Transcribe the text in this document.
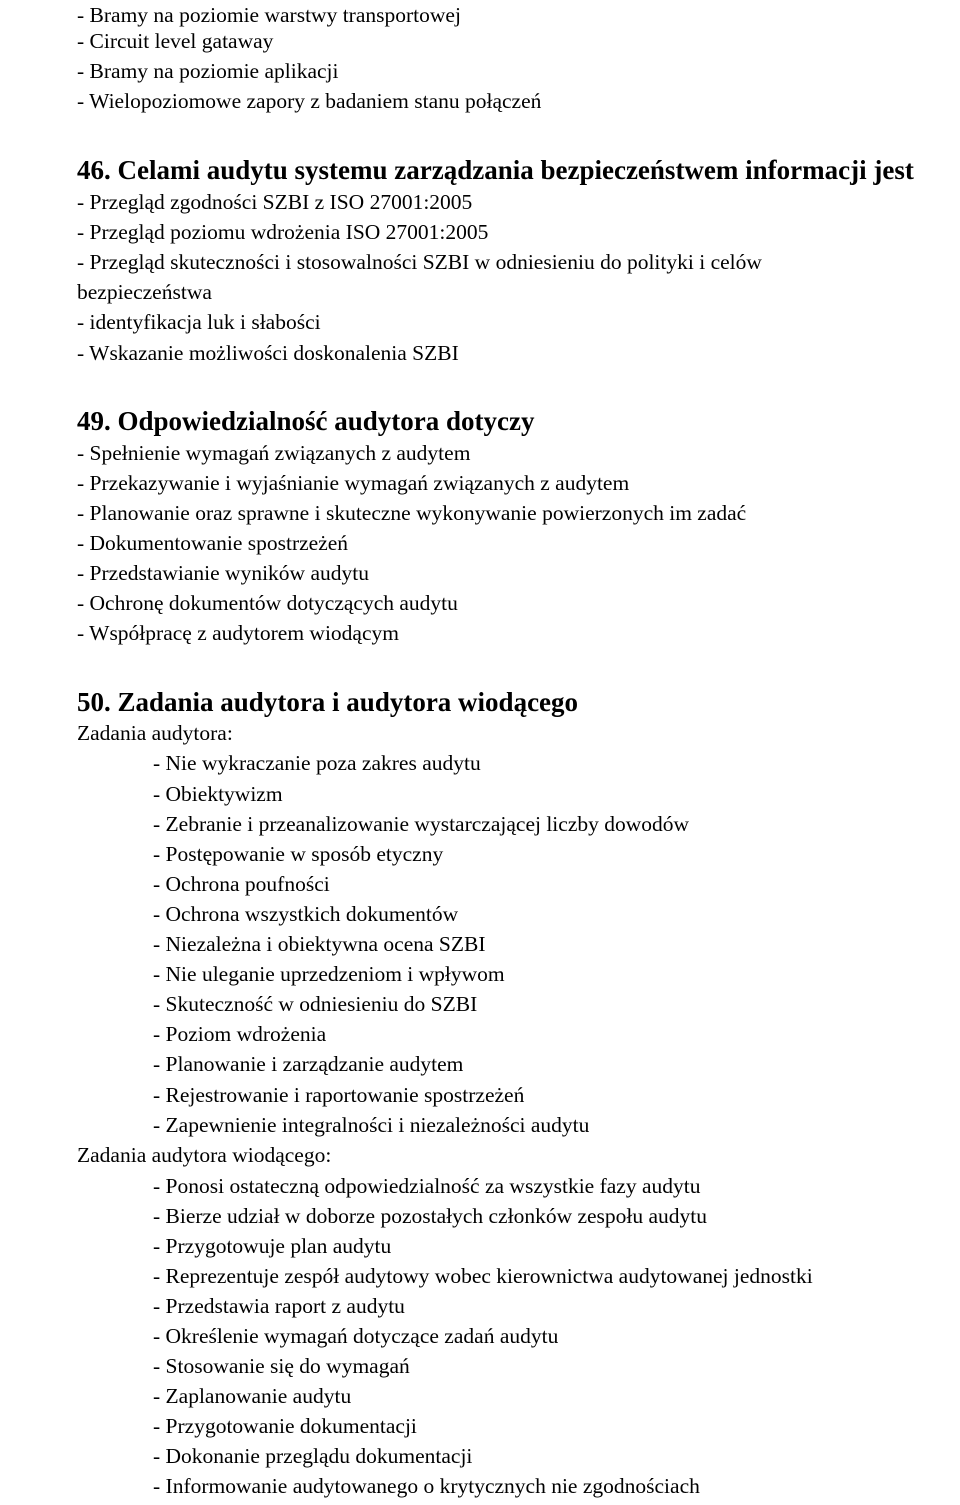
- Bramy na poziomie warstwy transportowej
- Circuit level gataway
- Bramy na poziomie aplikacji
- Wielopoziomowe zapory z badaniem stanu połączeń
46. Celami audytu systemu zarządzania bezpieczeństwem informacji jest
- Przegląd zgodności SZBI z ISO 27001:2005
- Przegląd poziomu wdrożenia ISO 27001:2005
- Przegląd skuteczności i stosowalności SZBI w odniesieniu do polityki i celów
bezpieczeństwa
- identyfikacja luk i słabości
- Wskazanie możliwości doskonalenia SZBI
49. Odpowiedzialność audytora dotyczy
- Spełnienie wymagań związanych z audytem
- Przekazywanie i wyjaśnianie wymagań związanych z audytem
- Planowanie oraz sprawne i skuteczne wykonywanie powierzonych im zadać
- Dokumentowanie spostrzeżeń
- Przedstawianie wyników audytu
- Ochronę dokumentów dotyczących audytu
- Współpracę z audytorem wiodącym
50. Zadania audytora i audytora wiodącego
Zadania audytora:
- Nie wykraczanie poza zakres audytu
- Obiektywizm
- Zebranie i przeanalizowanie wystarczającej liczby dowodów
- Postępowanie w sposób etyczny
- Ochrona poufności
- Ochrona wszystkich dokumentów
- Niezależna i obiektywna ocena SZBI
- Nie uleganie uprzedzeniom i wpływom
- Skuteczność w odniesieniu do SZBI
- Poziom wdrożenia
- Planowanie i zarządzanie audytem
- Rejestrowanie i raportowanie spostrzeżeń
- Zapewnienie integralności i niezależności audytu
Zadania audytora wiodącego:
- Ponosi ostateczną odpowiedzialność za wszystkie fazy audytu
- Bierze udział w doborze pozostałych członków zespołu audytu
- Przygotowuje plan audytu
- Reprezentuje zespół audytowy wobec kierownictwa audytowanej jednostki
- Przedstawia raport z audytu
- Określenie wymagań dotyczące zadań audytu
- Stosowanie się do wymagań
- Zaplanowanie audytu
- Przygotowanie dokumentacji
- Dokonanie przeglądu dokumentacji
- Informowanie audytowanego o krytycznych nie zgodnościach
